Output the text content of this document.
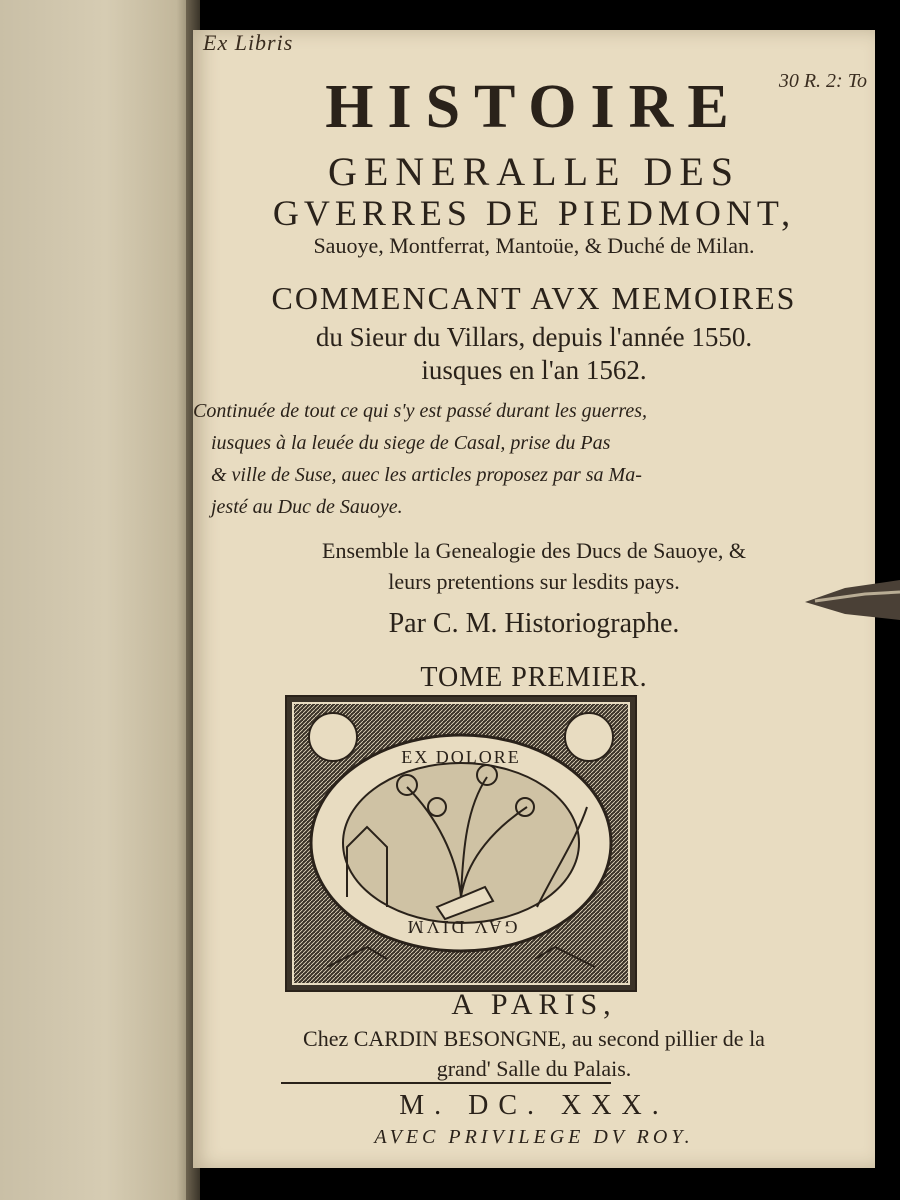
Ex Libris
30 R. 2: To
HISTOIRE
GENERALLE DES
GVERRES DE PIEDMONT,
Sauoye, Montferrat, Mantoüe, & Duché de Milan.
COMMENCANT AVX MEMOIRES
du Sieur du Villars, depuis l'année 1550.
iusques en l'an 1562.
Continuée de tout ce qui s'y est passé durant les guerres,
iusques à la leuée du siege de Casal, prise du Pas
& ville de Suse, auec les articles proposez par sa Ma-
jesté au Duc de Sauoye.
Ensemble la Genealogie des Ducs de Sauoye, &
leurs pretentions sur lesdits pays.
Par C. M. Historiographe.
TOME PREMIER.
EX DOLORE
GAV DIVM
A PARIS,
Chez CARDIN BESONGNE, au second pillier de la
grand' Salle du Palais.
M. DC. XXX.
AVEC PRIVILEGE DV ROY.
